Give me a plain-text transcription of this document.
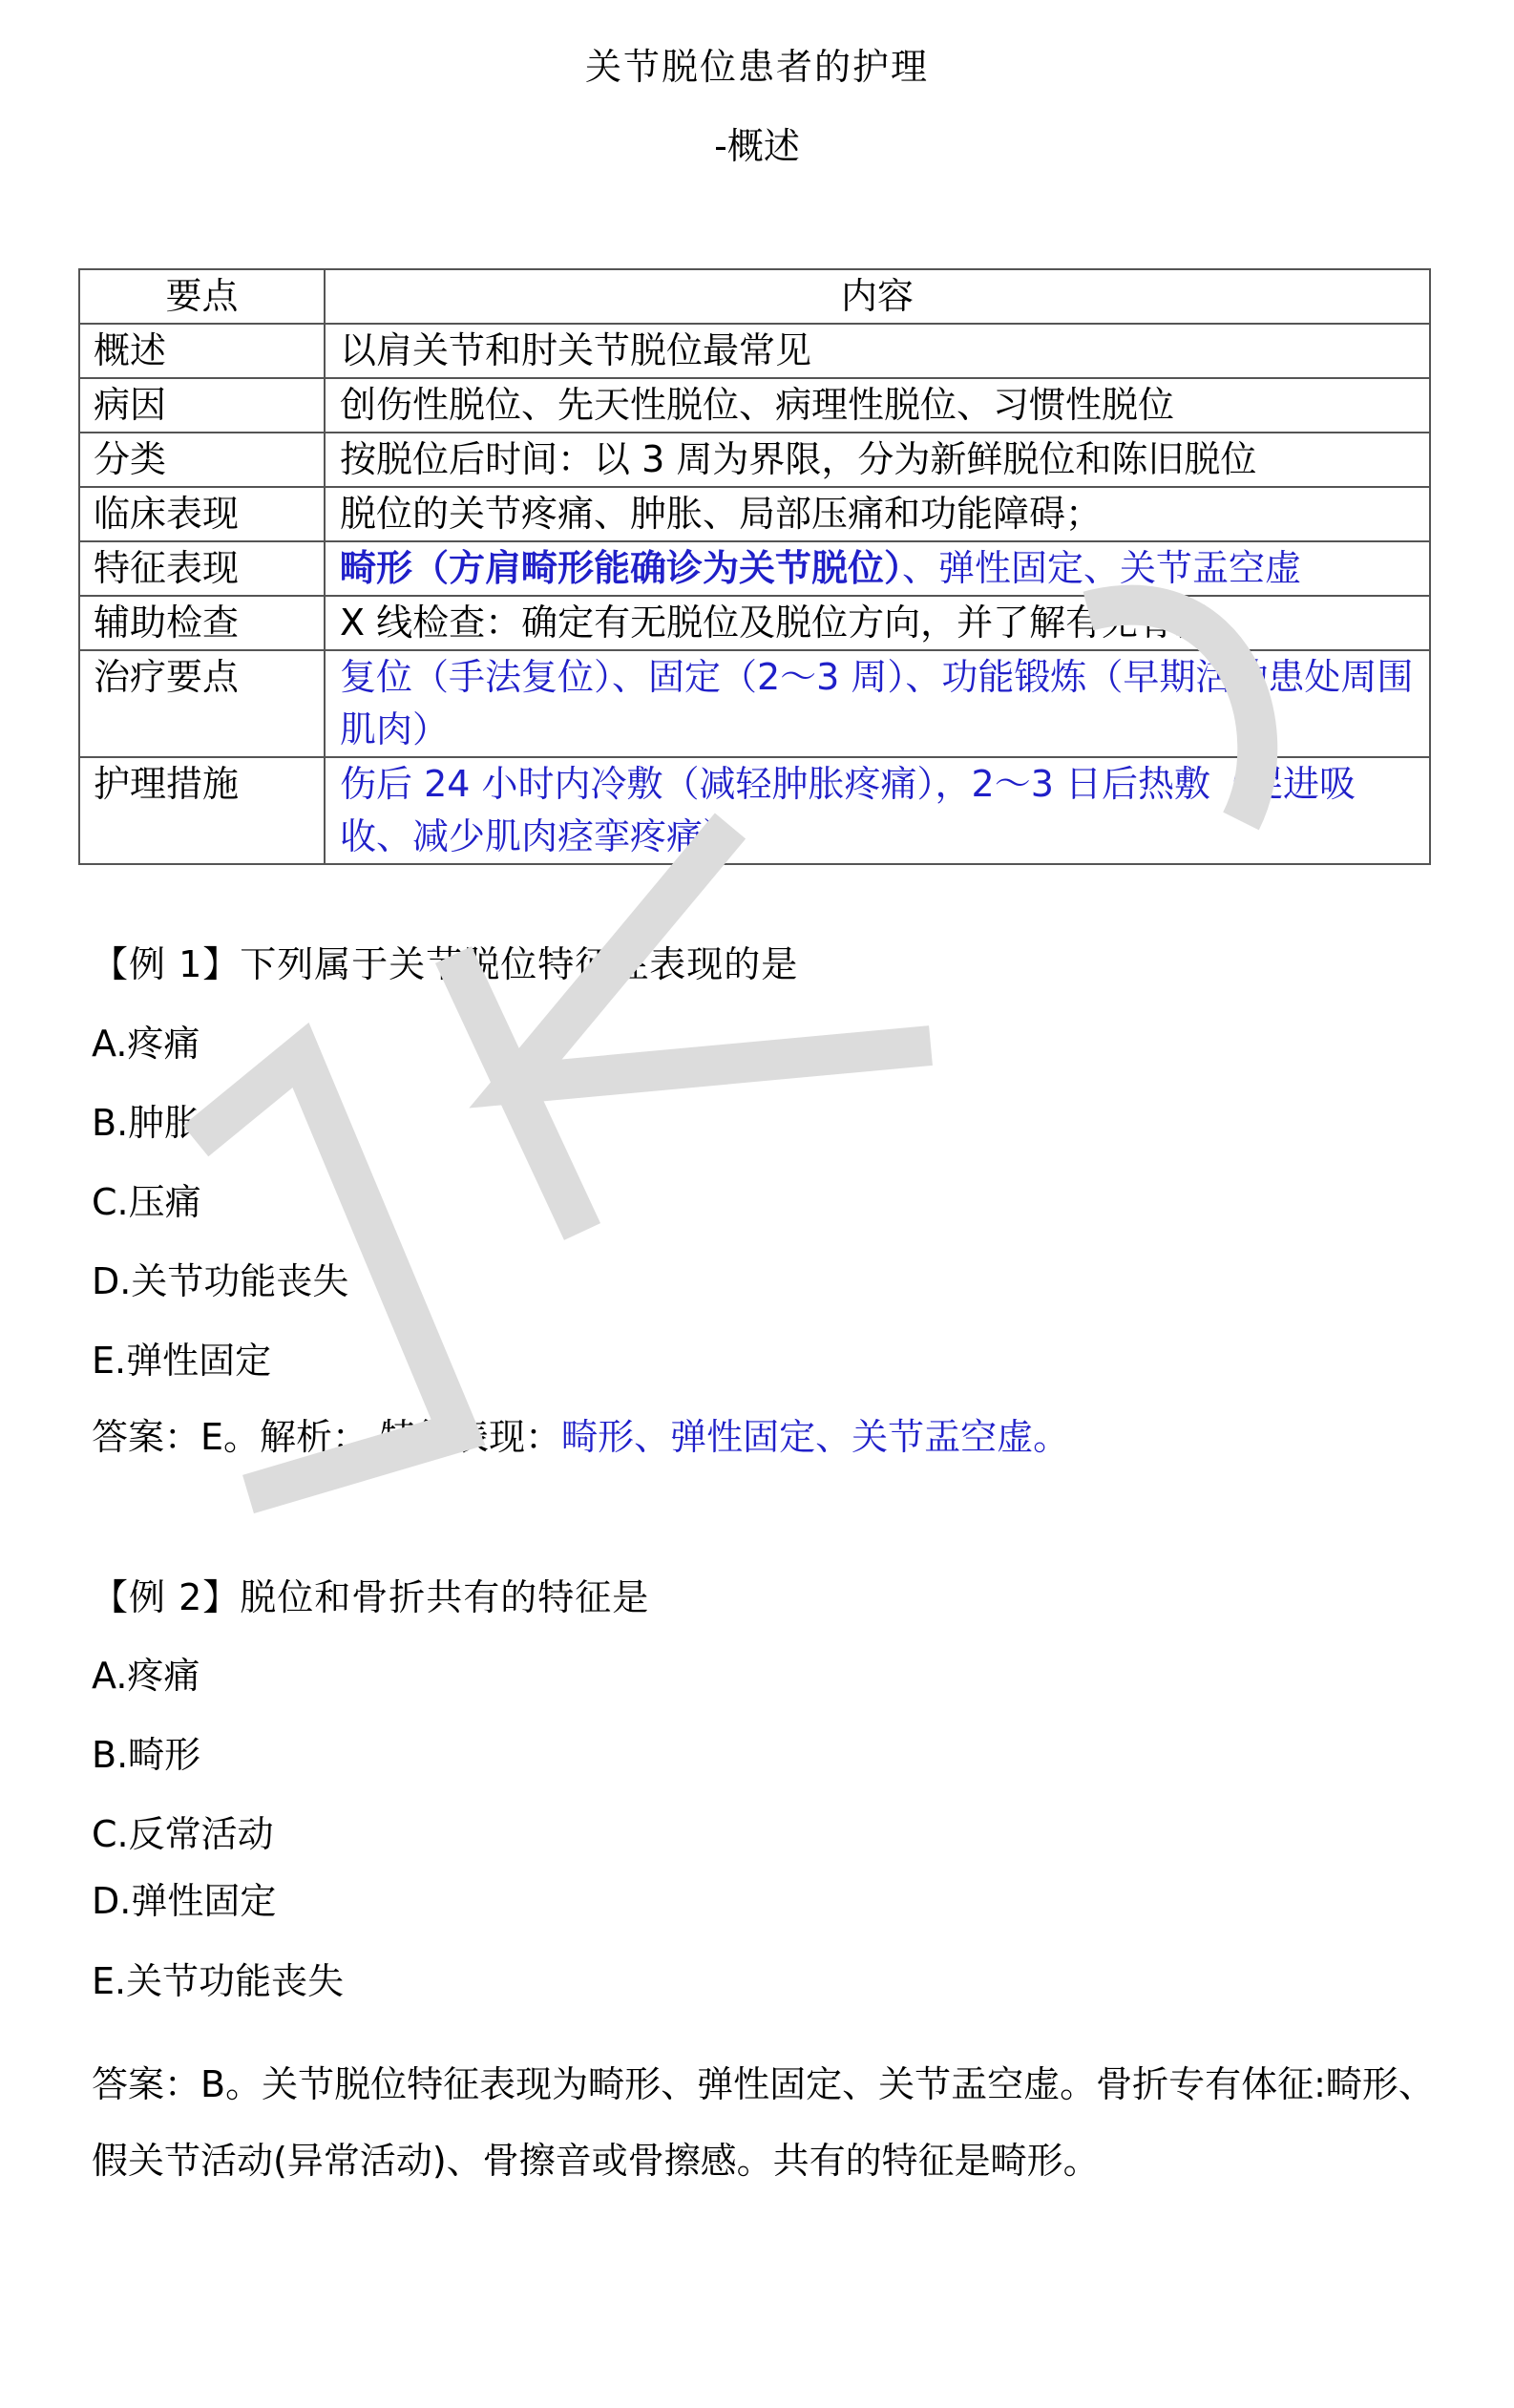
关节脱位患者的护理
-概述
要点	内容
概述	以肩关节和肘关节脱位最常见
病因	创伤性脱位、先天性脱位、病理性脱位、习惯性脱位
分类	按脱位后时间：以 3 周为界限，分为新鲜脱位和陈旧脱位
临床表现	脱位的关节疼痛、肿胀、局部压痛和功能障碍；
特征表现	畸形（方肩畸形能确诊为关节脱位）、弹性固定、关节盂空虚
辅助检查	X 线检查：确定有无脱位及脱位方向，并了解有无骨折
治疗要点	复位（手法复位）、固定（2～3 周）、功能锻炼（早期活动患处周围肌肉）
护理措施	伤后 24 小时内冷敷（减轻肿胀疼痛），2～3 日后热敷（促进吸收、减少肌肉痉挛疼痛）
【例 1】下列属于关节脱位特征性表现的是
A.疼痛
B.肿胀
C.压痛
D.关节功能丧失
E.弹性固定
答案：E。解析： 特征表现：畸形、弹性固定、关节盂空虚。
【例 2】脱位和骨折共有的特征是
A.疼痛
B.畸形
C.反常活动
D.弹性固定
E.关节功能丧失
答案：B。关节脱位特征表现为畸形、弹性固定、关节盂空虚。骨折专有体征:畸形、假关节活动(异常活动)、骨擦音或骨擦感。共有的特征是畸形。
